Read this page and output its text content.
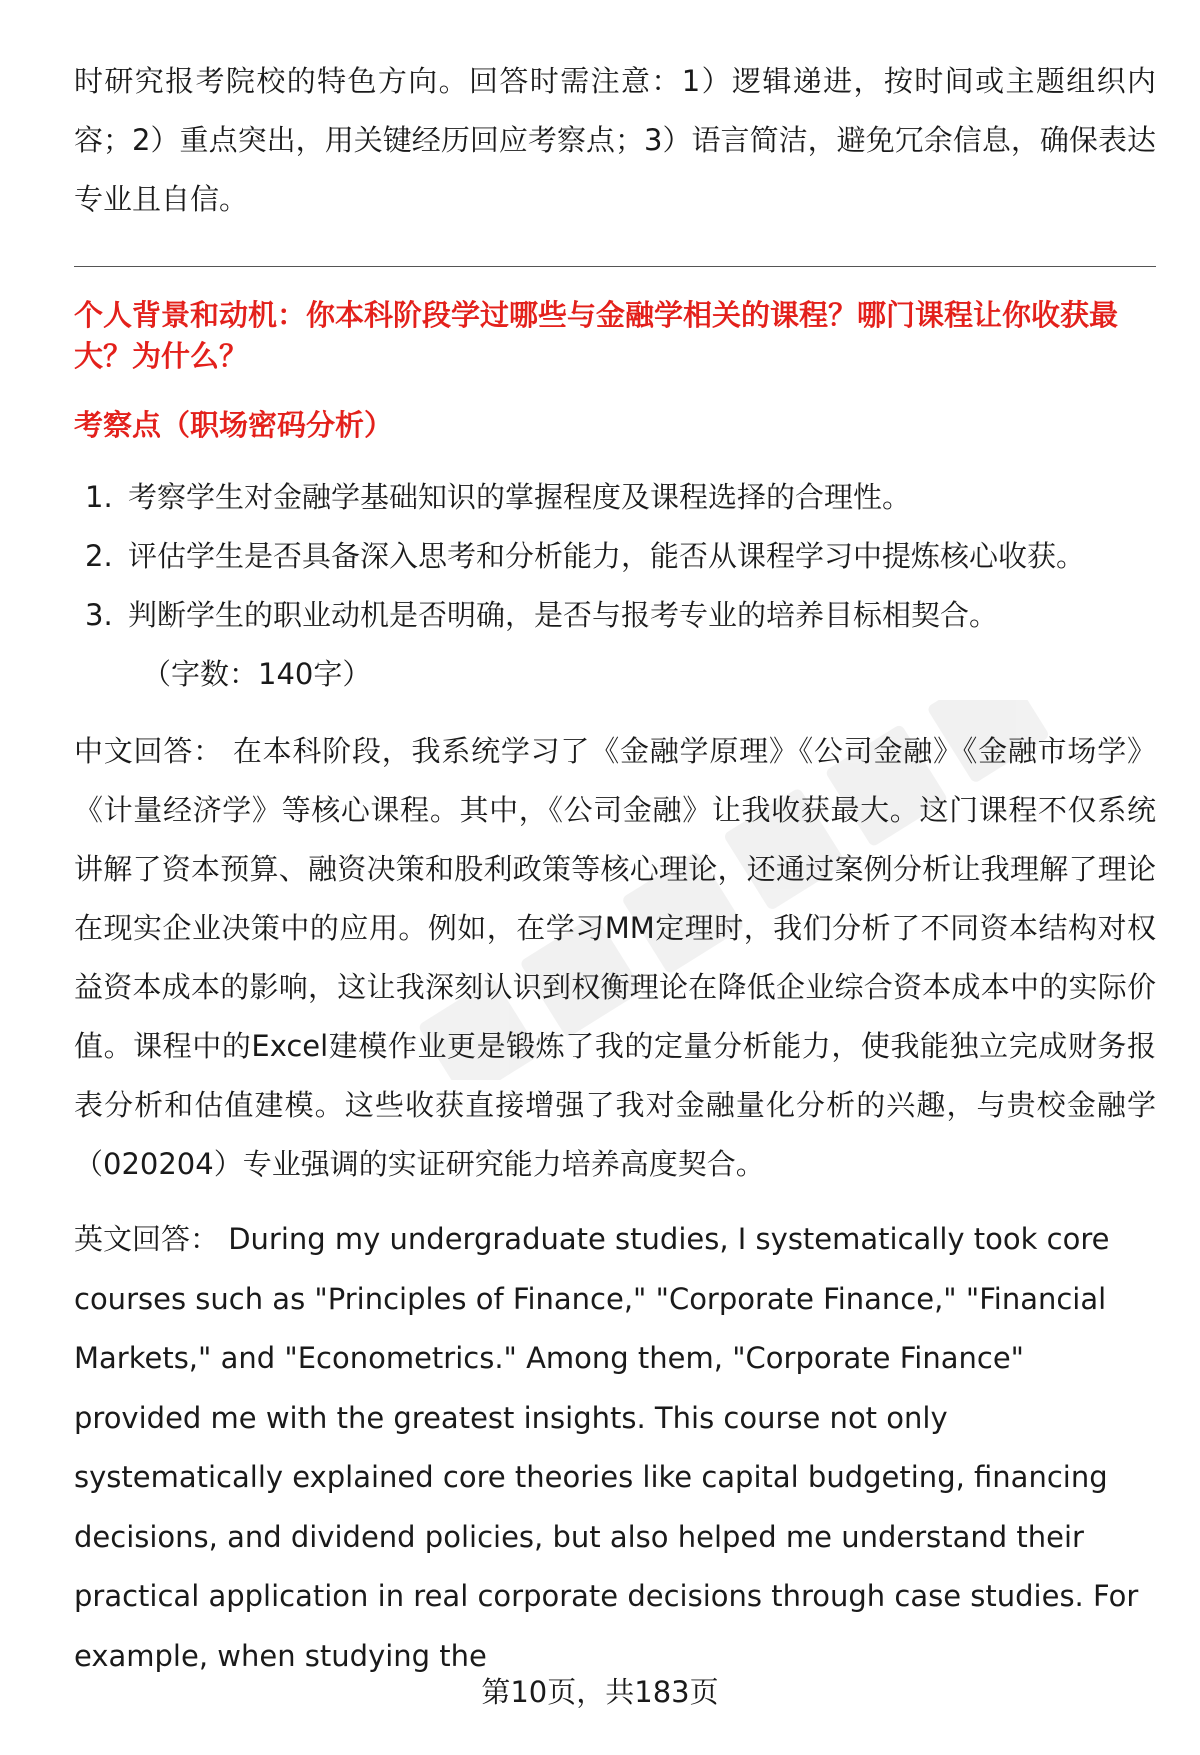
时研究报考院校的特色方向。回答时需注意：1）逻辑递进，按时间或主题组织内容；2）重点突出，用关键经历回应考察点；3）语言简洁，避免冗余信息，确保表达专业且自信。

个人背景和动机：你本科阶段学过哪些与金融学相关的课程？哪门课程让你收获最大？为什么？

考察点（职场密码分析）

1. 考察学生对金融学基础知识的掌握程度及课程选择的合理性。
2. 评估学生是否具备深入思考和分析能力，能否从课程学习中提炼核心收获。
3. 判断学生的职业动机是否明确，是否与报考专业的培养目标相契合。

（字数：140字）

中文回答： 在本科阶段，我系统学习了《金融学原理》《公司金融》《金融市场学》《计量经济学》等核心课程。其中，《公司金融》让我收获最大。这门课程不仅系统讲解了资本预算、融资决策和股利政策等核心理论，还通过案例分析让我理解了理论在现实企业决策中的应用。例如，在学习MM定理时，我们分析了不同资本结构对权益资本成本的影响，这让我深刻认识到权衡理论在降低企业综合资本成本中的实际价值。课程中的Excel建模作业更是锻炼了我的定量分析能力，使我能独立完成财务报表分析和估值建模。这些收获直接增强了我对金融量化分析的兴趣，与贵校金融学（020204）专业强调的实证研究能力培养高度契合。

英文回答： During my undergraduate studies, I systematically took core courses such as "Principles of Finance," "Corporate Finance," "Financial Markets," and "Econometrics." Among them, "Corporate Finance" provided me with the greatest insights. This course not only systematically explained core theories like capital budgeting, financing decisions, and dividend policies, but also helped me understand their practical application in real corporate decisions through case studies. For example, when studying the

第10页，共183页
